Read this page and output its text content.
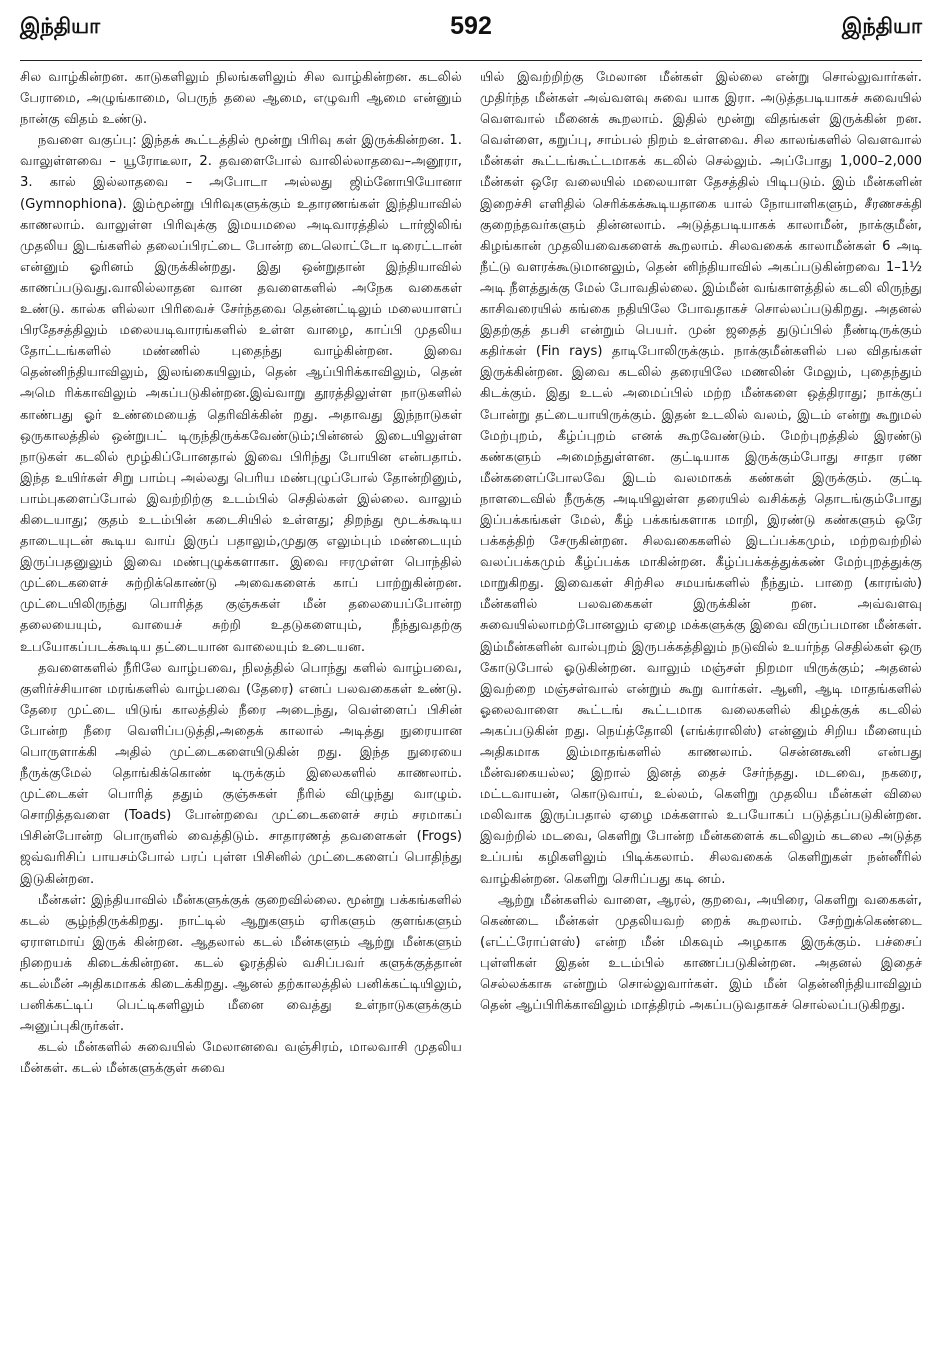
இந்தியா	592	இந்தியா

சில வாழ்கின்றன. காடுகளிலும் நிலங்களிலும் சில வாழ்கின்றன. கடலில் பேராமை, அழுங்காமை, பெருந் தலை ஆமை, எழுவரி ஆமை என்னும் நான்கு விதம் உண்டு.

நவளை வகுப்பு: இந்தக் கூட்டத்தில் மூன்று பிரிவு கள் இருக்கின்றன. 1. வாலுள்ளவை – யூரோடீலா, 2. தவளைபோல் வாலில்லாதவை–அனூரா, 3. கால் இல்லாதவை – அபோடா அல்லது ஜிம்னோபியோனா (Gymnophiona). இம்மூன்று பிரிவுகளுக்கும் உதாரணங்கள் இந்தியாவில் காணலாம். வாலுள்ள பிரிவுக்கு இமயமலை அடிவாரத்தில் டார்ஜிலிங் முதலிய இடங்களில் தலைப்பிரட்டை போன்ற டைலொட்டோ டிரைட்டான் என்னும் ஓரினம் இருக்கின்றது. இது ஒன்றுதான் இந்தியாவில் காணப்படுவது.வாலில்லாதன வான தவளைகளில் அநேக வகைகள் உண்டு. கால்க ளில்லா பிரிவைச் சேர்ந்தவை தென்னட்டிலும் மலையாளப் பிரதேசத்திலும் மலையடிவாரங்களில் உள்ள வாழை, காப்பி முதலிய தோட்டங்களில் மண்ணில் புதைந்து வாழ்கின்றன. இவை தென்னிந்தியாவிலும், இலங்கையிலும், தென் ஆப்பிரிக்காவிலும், தென் அமெ ரிக்காவிலும் அகப்படுகின்றன.இவ்வாறு தூரத்திலுள்ள நாடுகளில் காண்பது ஓர் உண்மையைத் தெரிவிக்கின் றது. அதாவது இந்நாடுகள் ஒருகாலத்தில் ஒன்றுபட் டிருந்திருக்கவேண்டும்;பின்னல் இடையிலுள்ள நாடுகள் கடலில் மூழ்கிப்போனதால் இவை பிரிந்து போயின என்பதாம். இந்த உயிர்கள் சிறு பாம்பு அல்லது பெரிய மண்புழுப்போல் தோன்றினும், பாம்புகளைப்போல் இவற்றிற்கு உடம்பில் செதில்கள் இல்லை. வாலும் கிடையாது; குதம் உடம்பின் கடைசியில் உள்ளது; திறந்து மூடக்கூடிய தாடையுடன் கூடிய வாய் இருப் பதாலும்,முதுகு எலும்பும் மண்டையும் இருப்பதனுலும் இவை மண்புழுக்களாகா. இவை ஈரமுள்ள பொந்தில் முட்டைகளைச் சுற்றிக்கொண்டு அவைகளைக் காப் பாற்றுகின்றன. முட்டையிலிருந்து பொரித்த குஞ்சுகள் மீன் தலையைப்போன்ற தலையையும், வாயைச் சுற்றி உதடுகளையும், நீந்துவதற்கு உபயோகப்படக்கூடிய தட்டையான வாலையும் உடையன.

தவளைகளில் நீரிலே வாழ்பவை, நிலத்தில் பொந்து களில் வாழ்பவை, குளிர்ச்சியான மரங்களில் வாழ்பவை (தேரை) எனப் பலவகைகள் உண்டு. தேரை முட்டை யிடுங் காலத்தில் நீரை அடைந்து, வெள்ளைப் பிசின் போன்ற நீரை வெளிப்படுத்தி,அதைக் காலால் அடித்து நுரையான பொருளாக்கி அதில் முட்டைகளையிடுகின் றது. இந்த நுரையை நீருக்குமேல் தொங்கிக்கொண் டிருக்கும் இலைகளில் காணலாம். முட்டைகள் பொரித் ததும் குஞ்சுகள் நீரில் விழுந்து வாழும். சொறித்தவளை (Toads) போன்றவை முட்டைகளைச் சரம் சரமாகப் பிசின்போன்ற பொருளில் வைத்திடும். சாதாரணத் தவளைகள் (Frogs) ஜவ்வரிசிப் பாயசம்போல் பரப் புள்ள பிசினில் முட்டைகளைப் பொதிந்து இடுகின்றன.

மீன்கள்: இந்தியாவில் மீன்களுக்குக் குறைவில்லை. மூன்று பக்கங்களில் கடல் சூழ்ந்திருக்கிறது. நாட்டில் ஆறுகளும் ஏரிகளும் குளங்களும் ஏராளமாய் இருக் கின்றன. ஆதலால் கடல் மீன்களும் ஆற்று மீன்களும் நிறையக் கிடைக்கின்றன. கடல் ஓரத்தில் வசிப்பவர் களுக்குத்தான் கடல்மீன் அதிகமாகக் கிடைக்கிறது. ஆனல் தற்காலத்தில் பனிக்கட்டியிலும், பனிக்கட்டிப் பெட்டிகளிலும் மீனை வைத்து உள்நாடுகளுக்கும் அனுப்புகிருர்கள்.

கடல் மீன்களில் சுவையில் மேலானவை வஞ்சிரம், மாலவாசி முதலிய மீன்கள். கடல் மீன்களுக்குள் சுவை

யில் இவற்றிற்கு மேலான மீன்கள் இல்லை என்று சொல்லுவார்கள். முதிர்ந்த மீன்கள் அவ்வளவு சுவை யாக இரா. அடுத்தபடியாகச் சுவையில் வௌவால் மீனைக் கூறலாம். இதில் மூன்று விதங்கள் இருக்கின் றன. வெள்ளை, கறுப்பு, சாம்பல் நிறம் உள்ளவை. சில காலங்களில் வௌவால் மீன்கள் கூட்டங்கூட்டமாகக் கடலில் செல்லும். அப்போது 1,000–2,000 மீன்கள் ஒரே வலையில் மலையாள தேசத்தில் பிடிபடும். இம் மீன்களின் இறைச்சி எளிதில் செரிக்கக்கூடியதாகை யால் நோயாளிகளும், சீரணசக்தி குறைந்தவர்களும் தின்னலாம். அடுத்தபடியாகக் காலாமீன், நாக்குமீன், கிழங்கான் முதலியவைகளைக் கூறலாம். சிலவகைக் காலாமீன்கள் 6 அடி நீட்டு வளரக்கூடுமானலும், தென் னிந்தியாவில் அகப்படுகின்றவை 1–1½ அடி நீளத்துக்கு மேல் போவதில்லை. இம்மீன் வங்காளத்தில் கடலி லிருந்து காசிவரையில் கங்கை நதியிலே போவதாகச் சொல்லப்படுகிறது. அதனல் இதற்குத் தபசி என்றும் பெயர். முன் ஜதைத் துடுப்பில் நீண்டிருக்கும் கதிர்கள் (Fin rays) தாடிபோலிருக்கும். நாக்குமீன்களில் பல விதங்கள் இருக்கின்றன. இவை கடலில் தரையிலே மணலின் மேலும், புதைந்தும் கிடக்கும். இது உடல் அமைப்பில் மற்ற மீன்களை ஒத்திராது; நாக்குப் போன்று தட்டையாயிருக்கும். இதன் உடலில் வலம், இடம் என்று கூறுமல் மேற்புறம், கீழ்ப்புறம் எனக் கூறவேண்டும். மேற்புறத்தில் இரண்டு கண்களும் அமைந்துள்ளன. குட்டியாக இருக்கும்போது சாதா ரண மீன்களைப்போலவே இடம் வலமாகக் கண்கள் இருக்கும். குட்டி நாளடைவில் நீருக்கு அடியிலுள்ள தரையில் வசிக்கத் தொடங்கும்போது இப்பக்கங்கள் மேல், கீழ் பக்கங்களாக மாறி, இரண்டு கண்களும் ஒரே பக்கத்திற் சேருகின்றன. சிலவகைகளில் இடப்பக்கமும், மற்றவற்றில் வலப்பக்கமும் கீழ்ப்பக்க மாகின்றன. கீழ்ப்பக்கத்துக்கண் மேற்புறத்துக்கு மாறுகிறது. இவைகள் சிற்சில சமயங்களில் நீந்தும். பாறை (காரங்ஸ்) மீன்களில் பலவகைகள் இருக்கின் றன. அவ்வளவு சுவையில்லாமற்போனலும் ஏழை மக்களுக்கு இவை விருப்பமான மீன்கள். இம்மீன்களின் வால்புறம் இருபக்கத்திலும் நடுவில் உயர்ந்த செதில்கள் ஒரு கோடுபோல் ஓடுகின்றன. வாலும் மஞ்சள் நிறமா யிருக்கும்; அதனல் இவற்றை மஞ்சள்வால் என்றும் கூறு வார்கள். ஆனி, ஆடி மாதங்களில் ஓலைவாளை கூட்டங் கூட்டமாக வலைகளில் கிழக்குக் கடலில் அகப்படுகின் றது. நெய்த்தோலி (எங்க்ராலிஸ்) என்னும் சிறிய மீனையும் அதிகமாக இம்மாதங்களில் காணலாம். சென்னகூனி என்பது மீன்வகையல்ல; இறால் இனத் தைச் சேர்ந்தது. மடவை, நகரை, மட்டவாயன், கொடுவாய், உல்லம், கெளிறு முதலிய மீன்கள் விலை மலிவாக இருப்பதால் ஏழை மக்களால் உபயோகப் படுத்தப்படுகின்றன. இவற்றில் மடவை, கெளிறு போன்ற மீன்களைக் கடலிலும் கடலை அடுத்த உப்பங் கழிகளிலும் பிடிக்கலாம். சிலவகைக் கெளிறுகள் நன்னீரில் வாழ்கின்றன. கெளிறு செரிப்பது கடி னம்.

ஆற்று மீன்களில் வாளை, ஆரல், குறவை, அயிரை, கெளிறு வகைகள், கெண்டை மீன்கள் முதலியவற் றைக் கூறலாம். சேற்றுக்கெண்டை (எட்ட்ரோப்ளஸ்) என்ற மீன் மிகவும் அழகாக இருக்கும். பச்சைப் புள்ளிகள் இதன் உடம்பில் காணப்படுகின்றன. அதனல் இதைச் செல்லக்காசு என்றும் சொல்லுவார்கள். இம் மீன் தென்னிந்தியாவிலும் தென் ஆப்பிரிக்காவிலும் மாத்திரம் அகப்படுவதாகச் சொல்லப்படுகிறது.
